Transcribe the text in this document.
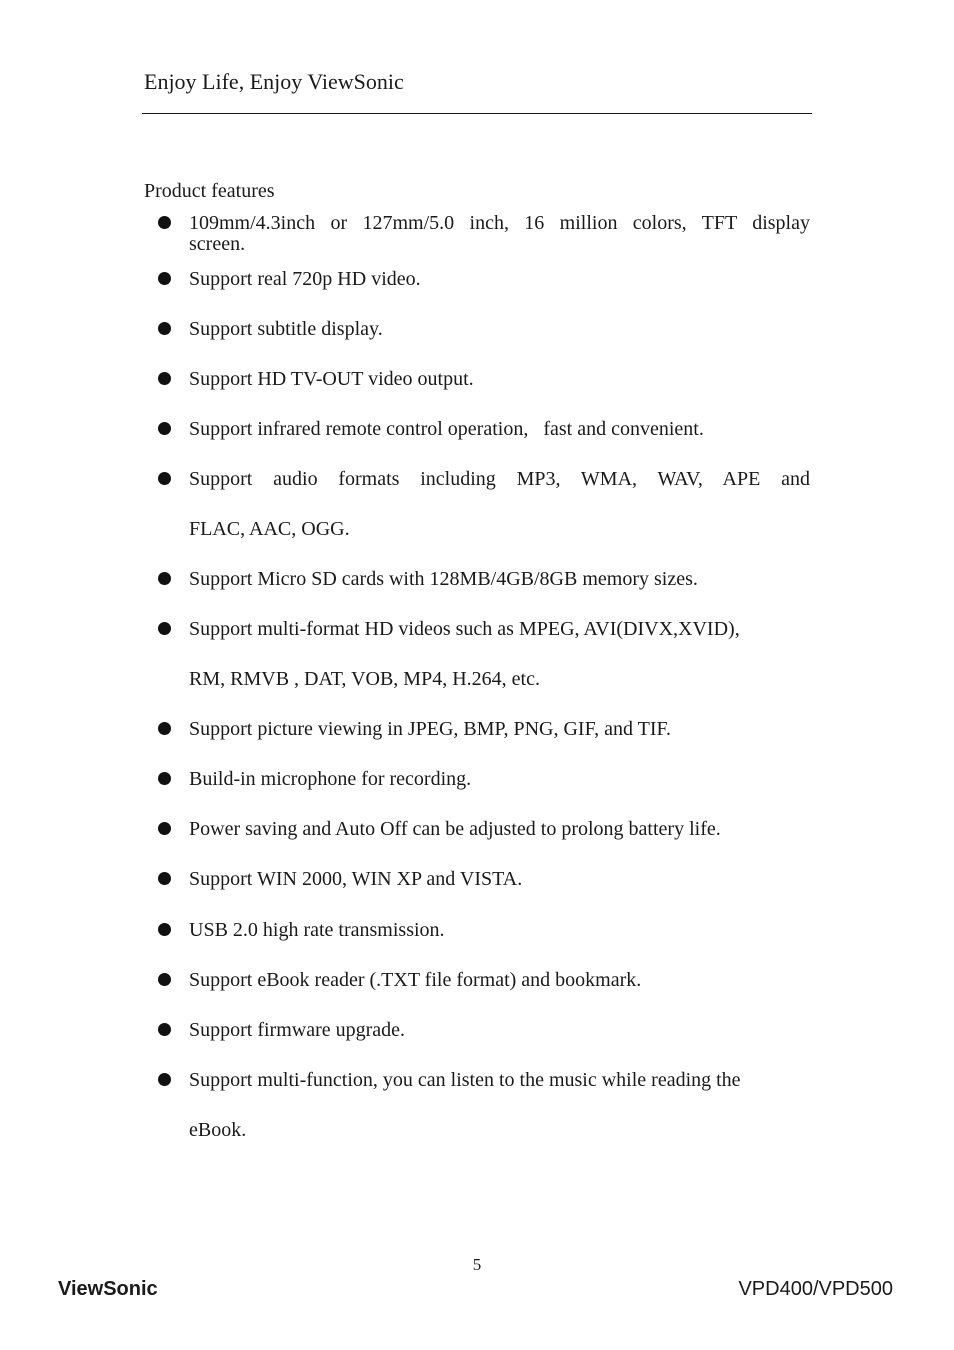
Enjoy Life, Enjoy ViewSonic
Product features
109mm/4.3inch or 127mm/5.0 inch, 16 million colors, TFT display
screen.
Support real 720p HD video.
Support subtitle display.
Support HD TV-OUT video output.
Support infrared remote control operation,   fast and convenient.
Support audio formats including MP3, WMA, WAV, APE and
FLAC, AAC, OGG.
Support Micro SD cards with 128MB/4GB/8GB memory sizes.
Support multi-format HD videos such as MPEG, AVI(DIVX,XVID),
RM, RMVB , DAT, VOB, MP4, H.264, etc.
Support picture viewing in JPEG, BMP, PNG, GIF, and TIF.
Build-in microphone for recording.
Power saving and Auto Off can be adjusted to prolong battery life.
Support WIN 2000, WIN XP and VISTA.
USB 2.0 high rate transmission.
Support eBook reader (.TXT file format) and bookmark.
Support firmware upgrade.
Support multi-function, you can listen to the music while reading the
eBook.
5
ViewSonic	VPD400/VPD500
